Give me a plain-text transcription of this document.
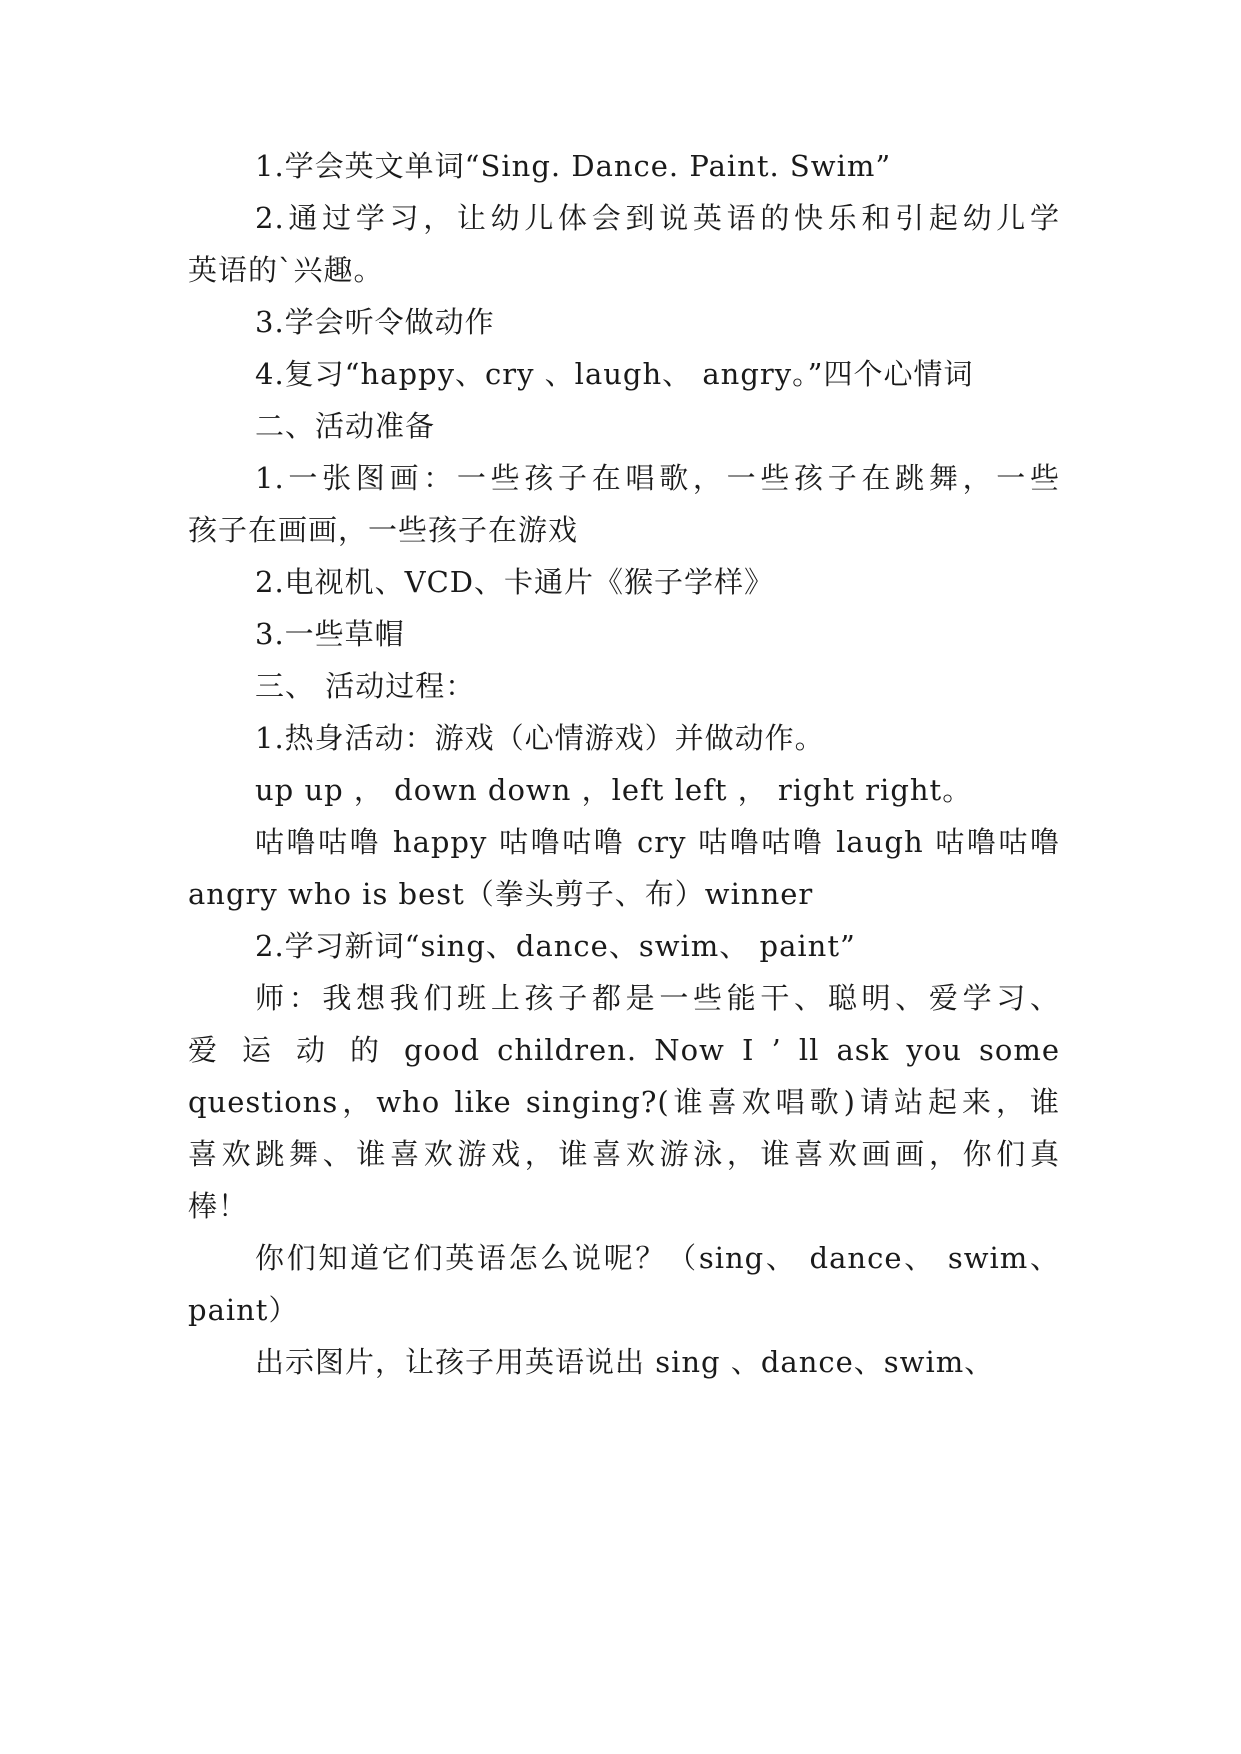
1.学会英文单词“Sing. Dance. Paint. Swim”
2.通过学习，让幼儿体会到说英语的快乐和引起幼儿学
英语的`兴趣。
3.学会听令做动作
4.复习“happy、cry 、laugh、 angry。”四个心情词
二、活动准备
1.一张图画：一些孩子在唱歌，一些孩子在跳舞，一些
孩子在画画，一些孩子在游戏
2.电视机、VCD、卡通片《猴子学样》
3.一些草帽
三、 活动过程：
1.热身活动：游戏（心情游戏）并做动作。
up up ， down down ，left left ， right right。
咕噜咕噜 happy 咕噜咕噜 cry 咕噜咕噜 laugh 咕噜咕噜
angry who is best（拳头剪子、布）winner
2.学习新词“sing、dance、swim、 paint”
师：我想我们班上孩子都是一些能干、聪明、爱学习、
爱 运 动 的 good children. Now I ’ ll ask you some
questions，who like singing?(谁喜欢唱歌)请站起来，谁
喜欢跳舞、谁喜欢游戏，谁喜欢游泳，谁喜欢画画，你们真
棒！
你们知道它们英语怎么说呢？（sing、 dance、 swim、
paint）
出示图片，让孩子用英语说出 sing 、dance、swim、
